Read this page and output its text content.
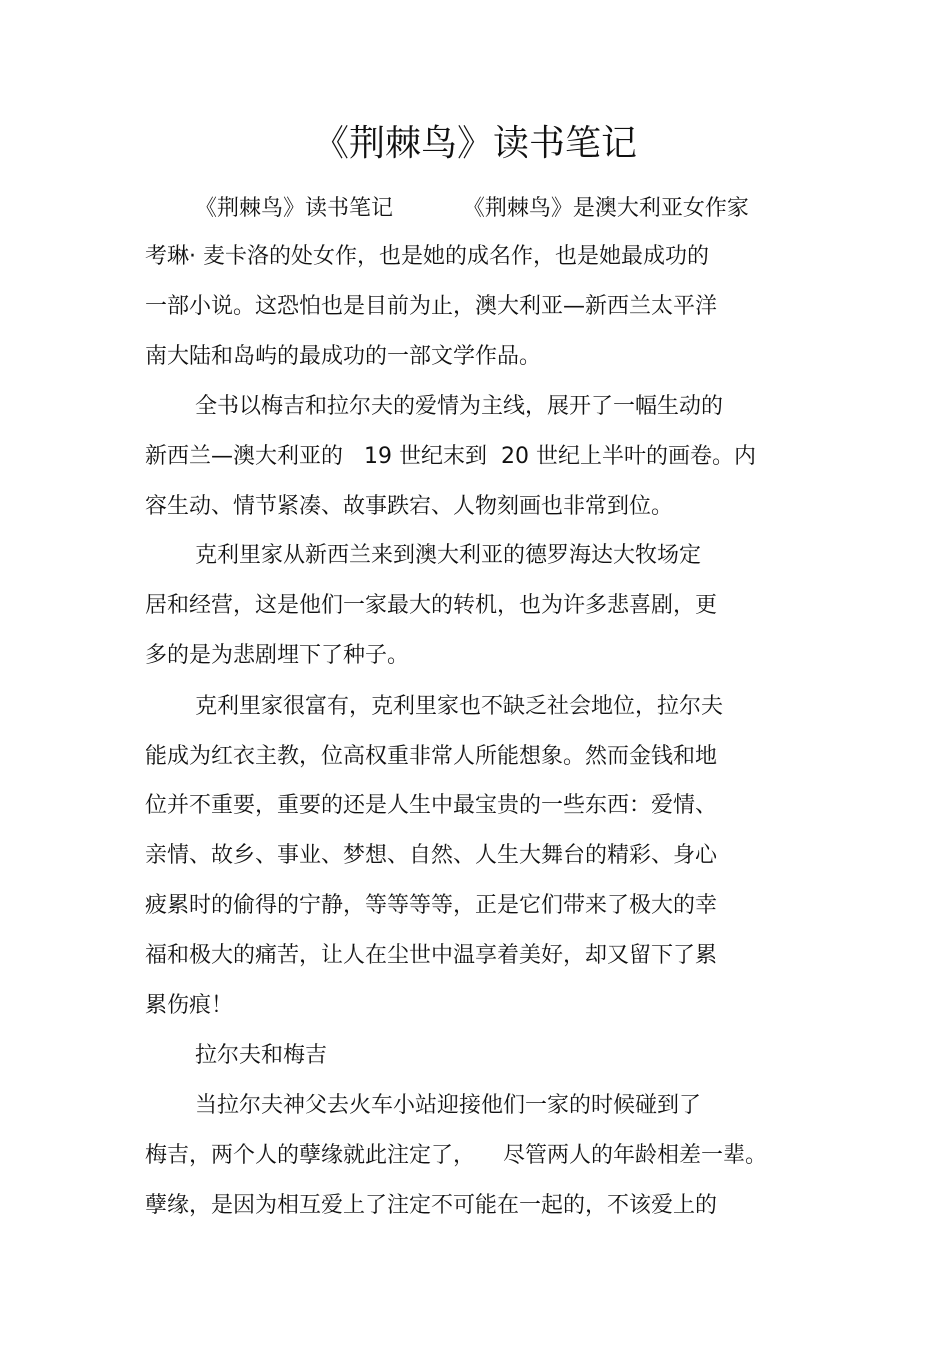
《荆棘鸟》读书笔记
《荆棘鸟》读书笔记          《荆棘鸟》是澳大利亚女作家
考琳· 麦卡洛的处女作，也是她的成名作，也是她最成功的
一部小说。这恐怕也是目前为止，澳大利亚—新西兰太平洋
南大陆和岛屿的最成功的一部文学作品。
全书以梅吉和拉尔夫的爱情为主线，展开了一幅生动的
新西兰—澳大利亚的   19 世纪末到  20 世纪上半叶的画卷。内
容生动、情节紧凑、故事跌宕、人物刻画也非常到位。
克利里家从新西兰来到澳大利亚的德罗海达大牧场定
居和经营，这是他们一家最大的转机，也为许多悲喜剧，更
多的是为悲剧埋下了种子。
克利里家很富有，克利里家也不缺乏社会地位，拉尔夫
能成为红衣主教，位高权重非常人所能想象。然而金钱和地
位并不重要，重要的还是人生中最宝贵的一些东西：爱情、
亲情、故乡、事业、梦想、自然、人生大舞台的精彩、身心
疲累时的偷得的宁静，等等等等，正是它们带来了极大的幸
福和极大的痛苦，让人在尘世中温享着美好，却又留下了累
累伤痕！
拉尔夫和梅吉
当拉尔夫神父去火车小站迎接他们一家的时候碰到了
梅吉，两个人的孽缘就此注定了，    尽管两人的年龄相差一辈。
孽缘，是因为相互爱上了注定不可能在一起的，不该爱上的
